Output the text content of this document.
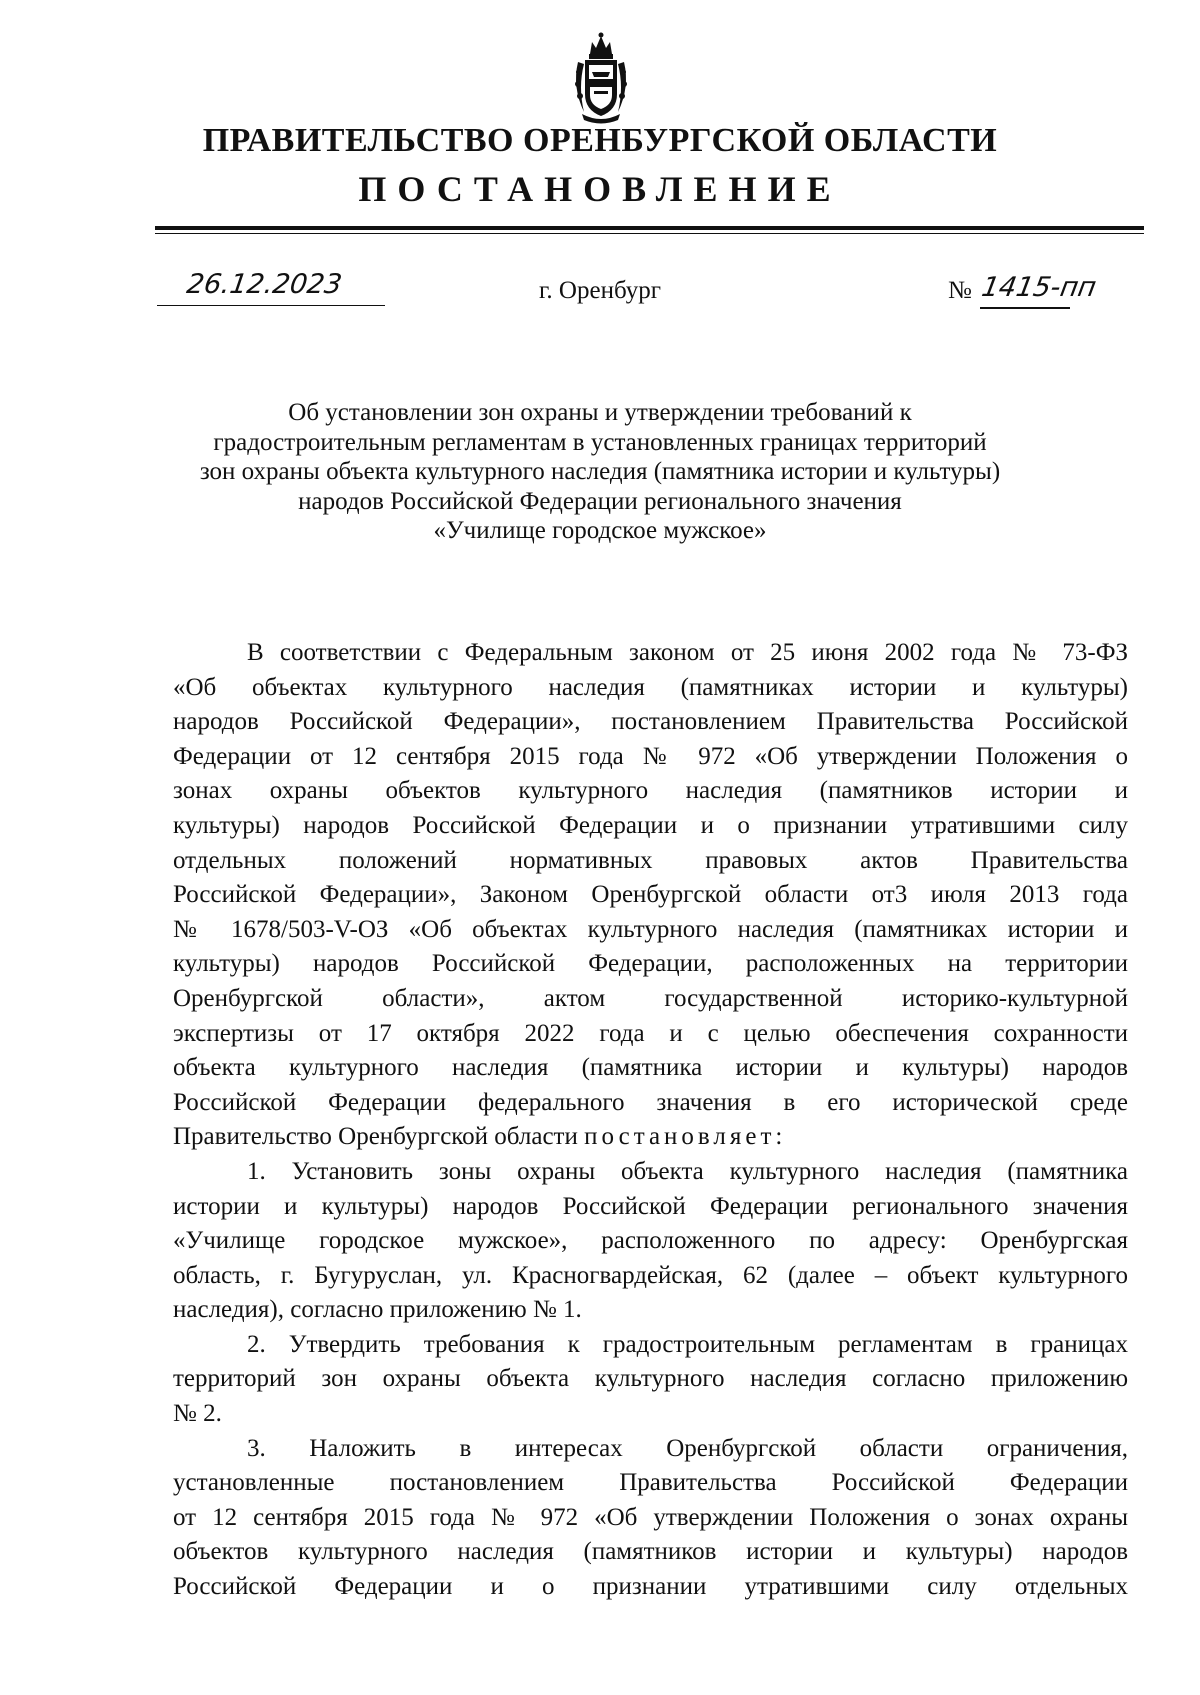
ПРАВИТЕЛЬСТВО ОРЕНБУРГСКОЙ ОБЛАСТИ
ПОСТАНОВЛЕНИЕ
26.12.2023	г. Оренбург	№ 1415-пп
Об установлении зон охраны и утверждении требований к
градостроительным регламентам в установленных границах территорий
зон охраны объекта культурного наследия (памятника истории и культуры)
народов Российской Федерации регионального значения
«Училище городское мужское»
В соответствии с Федеральным законом от 25 июня 2002 года № 73-ФЗ
«Об объектах культурного наследия (памятниках истории и культуры)
народов Российской Федерации», постановлением Правительства Российской
Федерации от 12 сентября 2015 года № 972 «Об утверждении Положения о
зонах охраны объектов культурного наследия (памятников истории и
культуры) народов Российской Федерации и о признании утратившими силу
отдельных положений нормативных правовых актов Правительства
Российской Федерации», Законом Оренбургской области от3 июля 2013 года
№ 1678/503-V-ОЗ «Об объектах культурного наследия (памятниках истории и
культуры) народов Российской Федерации, расположенных на территории
Оренбургской области», актом государственной историко-культурной
экспертизы от 17 октября 2022 года и с целью обеспечения сохранности
объекта культурного наследия (памятника истории и культуры) народов
Российской Федерации федерального значения в его исторической среде
Правительство Оренбургской области постановляет:
1. Установить зоны охраны объекта культурного наследия (памятника
истории и культуры) народов Российской Федерации регионального значения
«Училище городское мужское», расположенного по адресу: Оренбургская
область, г. Бугуруслан, ул. Красногвардейская, 62 (далее – объект культурного
наследия), согласно приложению № 1.
2. Утвердить требования к градостроительным регламентам в границах
территорий зон охраны объекта культурного наследия согласно приложению
№ 2.
3. Наложить в интересах Оренбургской области ограничения,
установленные постановлением Правительства Российской Федерации
от 12 сентября 2015 года № 972 «Об утверждении Положения о зонах охраны
объектов культурного наследия (памятников истории и культуры) народов
Российской Федерации и о признании утратившими силу отдельных
